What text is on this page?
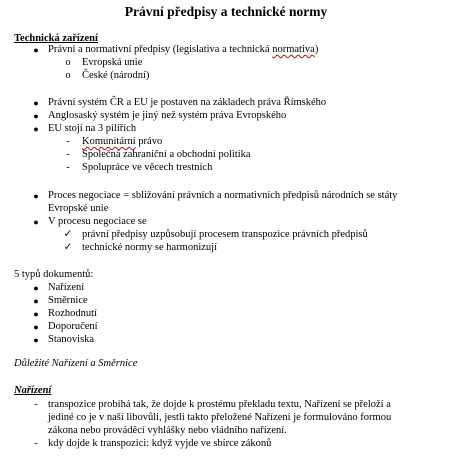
Právní předpisy a technické normy
Technická zařízení
● Právní a normativní předpisy (legislativa a technická normativa)
o	Evropská unie
o	České (národní)
● Právní systém ČR a EU je postaven na základech práva Římského
● Anglosaský systém je jiný než systém práva Evropského
● EU stojí na 3 pilířích
-	Komunitární právo
-	Společná zahraniční a obchodní politika
-	Spolupráce ve věcech trestních
● Proces negociace = sbližování právních a normativních předpisů národních se státy
Evropské unie
● V procesu negociace se
✓ právní předpisy uzpůsobují procesem transpozice právních předpisů
✓ technické normy se harmonizují
5 typů dokumentů:
● Nařízení
● Směrnice
● Rozhodnutí
● Doporučení
● Stanoviska
Důležité Nařízení a Směrnice
Nařízení
- transpozice probíhá tak, že dojde k prostému překladu textu, Nařízení se přeloží a
jediné co je v naší libovůli, jestli takto přeložené Nařízení je formulováno formou
zákona nebo prováděcí vyhlášky nebo vládního nařízení.
- kdy dojde k transpozici: když vyjde ve sbírce zákonů
